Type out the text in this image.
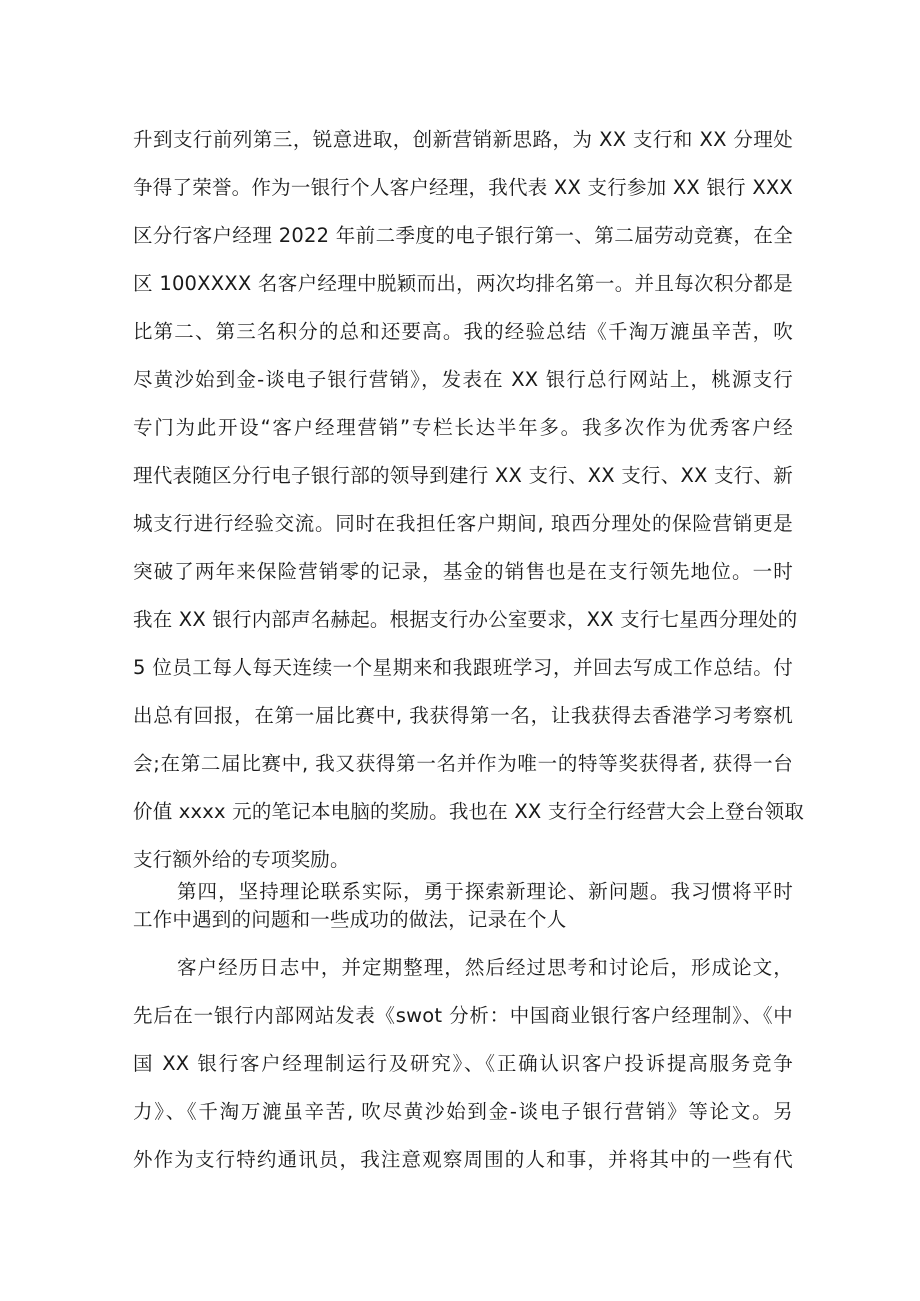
升到支行前列第三，锐意进取，创新营销新思路，为 XX 支行和 XX 分理处
争得了荣誉。作为一银行个人客户经理，我代表 XX 支行参加 XX 银行 XXX
区分行客户经理 2022 年前二季度的电子银行第一、第二届劳动竞赛，在全
区 100XXXX 名客户经理中脱颖而出，两次均排名第一。并且每次积分都是
比第二、第三名积分的总和还要高。我的经验总结《千淘万漉虽辛苦，吹
尽黄沙始到金-谈电子银行营销》，发表在 XX 银行总行网站上，桃源支行
专门为此开设“客户经理营销”专栏长达半年多。我多次作为优秀客户经
理代表随区分行电子银行部的领导到建行 XX 支行、XX 支行、XX 支行、新
城支行进行经验交流。同时在我担任客户期间, 琅西分理处的保险营销更是
突破了两年来保险营销零的记录，基金的销售也是在支行领先地位。一时
我在 XX 银行内部声名赫起。根据支行办公室要求，XX 支行七星西分理处的
5 位员工每人每天连续一个星期来和我跟班学习，并回去写成工作总结。付
出总有回报，在第一届比赛中, 我获得第一名，让我获得去香港学习考察机
会;在第二届比赛中, 我又获得第一名并作为唯一的特等奖获得者, 获得一台
价值 xxxx 元的笔记本电脑的奖励。我也在 XX 支行全行经营大会上登台领取
支行额外给的专项奖励。
第四，坚持理论联系实际，勇于探索新理论、新问题。我习惯将平时
工作中遇到的问题和一些成功的做法，记录在个人
客户经历日志中，并定期整理，然后经过思考和讨论后，形成论文，
先后在一银行内部网站发表《swot 分析：中国商业银行客户经理制》、《中
国 XX 银行客户经理制运行及研究》、《正确认识客户投诉提高服务竞争
力》、《千淘万漉虽辛苦, 吹尽黄沙始到金-谈电子银行营销》等论文。另
外作为支行特约通讯员，我注意观察周围的人和事，并将其中的一些有代
